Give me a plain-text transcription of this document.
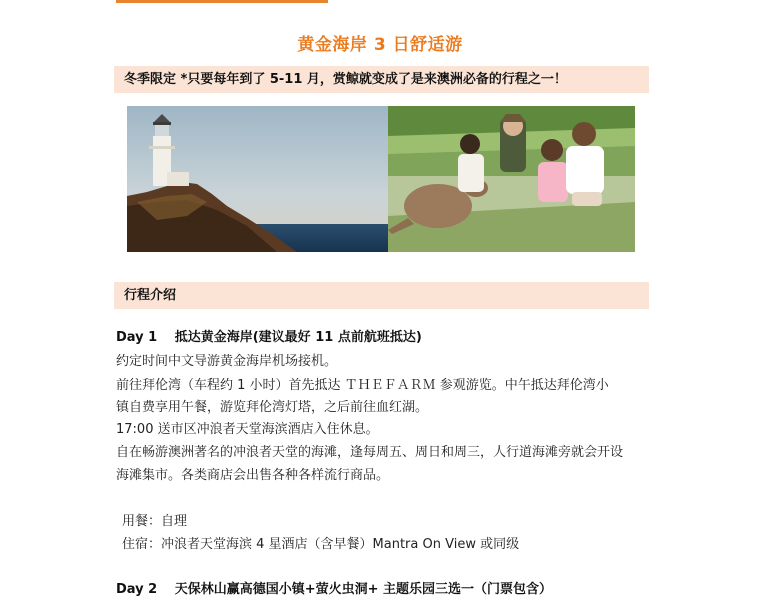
黄金海岸 3 日舒适游
冬季限定 *只要每年到了 5-11 月，赏鲸就变成了是来澳洲必备的行程之一！
行程介绍
Day 1　 抵达黄金海岸(建议最好 11 点前航班抵达)
约定时间中文导游黄金海岸机场接机。
前往拜伦湾（车程约 1 小时）首先抵达 ＴＨＥＦＡＲＭ 参观游览。中午抵达拜伦湾小
镇自费享用午餐，游览拜伦湾灯塔，之后前往血红湖。
17:00 送市区冲浪者天堂海滨酒店入住休息。
自在畅游澳洲著名的冲浪者天堂的海滩，逢每周五、周日和周三，人行道海滩旁就会开设
海滩集市。各类商店会出售各种各样流行商品。
用餐：自理
住宿：冲浪者天堂海滨 4 星酒店（含早餐）Mantra On View 或同级
Day 2　 天保林山赢高德国小镇+萤火虫洞+ 主题乐园三选一（门票包含）
